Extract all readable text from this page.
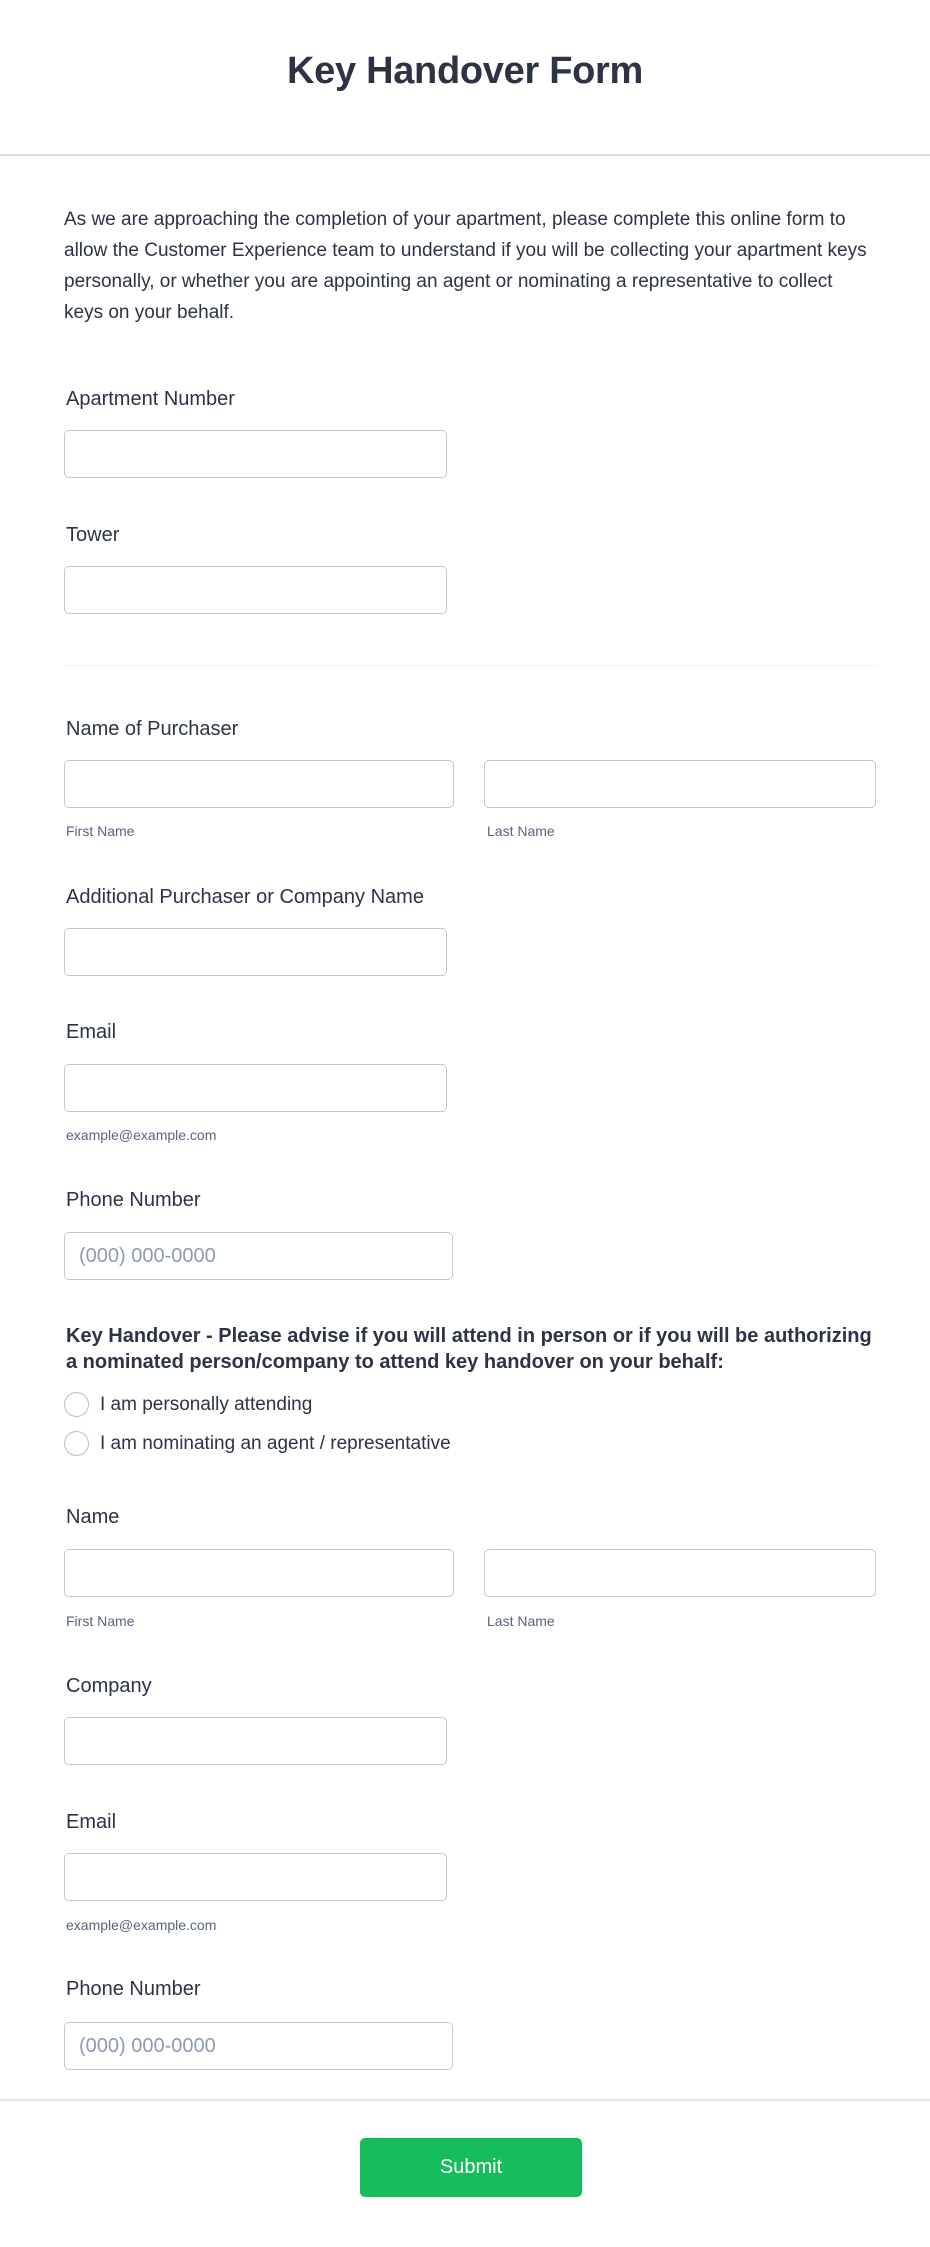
Key Handover Form

As we are approaching the completion of your apartment, please complete this online form to allow the Customer Experience team to understand if you will be collecting your apartment keys personally, or whether you are appointing an agent or nominating a representative to collect keys on your behalf.

Apartment Number
Tower
Name of Purchaser
First Name	Last Name
Additional Purchaser or Company Name
Email
example@example.com
Phone Number
(000) 000-0000
Key Handover - Please advise if you will attend in person or if you will be authorizing a nominated person/company to attend key handover on your behalf:
I am personally attending
I am nominating an agent / representative
Name
First Name	Last Name
Company
Email
example@example.com
Phone Number
(000) 000-0000
Submit
